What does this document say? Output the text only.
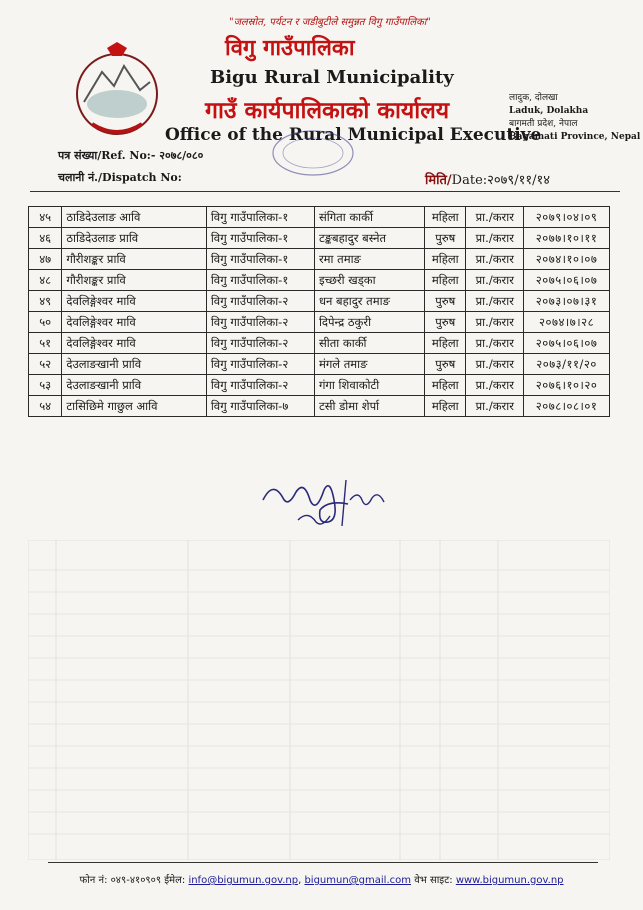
"जलस्रोत, पर्यटन र जडीबुटीले समुन्नत विगु गाउँपालिका"
विगु गाउँपालिका
Bigu Rural Municipality
गाउँ कार्यपालिकाको कार्यालय
Office of the Rural Municipal Executive
लादुक, दोलखा
Laduk, Dolakha
बागमती प्रदेश, नेपाल
Bagamati Province, Nepal
पत्र संख्या/Ref. No:- २०७८/०८०
चलानी नं./Dispatch No:	मिति/Date:२०७९/११/१४
४५	ठाडिदेउलाङ आवि	विगु गाउँपालिका-१	संगिता कार्की	महिला	प्रा./करार	२०७९।०४।०९
४६	ठाडिदेउलाङ प्रावि	विगु गाउँपालिका-१	टङ्कबहादुर बस्नेत	पुरुष	प्रा./करार	२०७७।१०।११
४७	गौरीशङ्कर प्रावि	विगु गाउँपालिका-१	रमा तमाङ	महिला	प्रा./करार	२०७४।१०।०७
४८	गौरीशङ्कर प्रावि	विगु गाउँपालिका-१	इच्छरी खड्का	महिला	प्रा./करार	२०७५।०६।०७
४९	देवलिङ्गेश्वर मावि	विगु गाउँपालिका-२	धन बहादुर तमाङ	पुरुष	प्रा./करार	२०७३।०७।३१
५०	देवलिङ्गेश्वर मावि	विगु गाउँपालिका-२	दिपेन्द्र ठकुरी	पुरुष	प्रा./करार	२०७४।७।२८
५१	देवलिङ्गेश्वर मावि	विगु गाउँपालिका-२	सीता कार्की	महिला	प्रा./करार	२०७५।०६।०७
५२	देउलाङखानी प्रावि	विगु गाउँपालिका-२	मंगले तमाङ	पुरुष	प्रा./करार	२०७३/११/२०
५३	देउलाङखानी प्रावि	विगु गाउँपालिका-२	गंगा शिवाकोटी	महिला	प्रा./करार	२०७६।१०।२०
५४	टासिछिमे गाछुल आवि	विगु गाउँपालिका-७	टसी डोमा शेर्पा	महिला	प्रा./करार	२०७८।०८।०१
फोन नं: ०४९-४१०९०९ ईमेल: info@bigumun.gov.np, bigumun@gmail.com वेभ साइट: www.bigumun.gov.np
